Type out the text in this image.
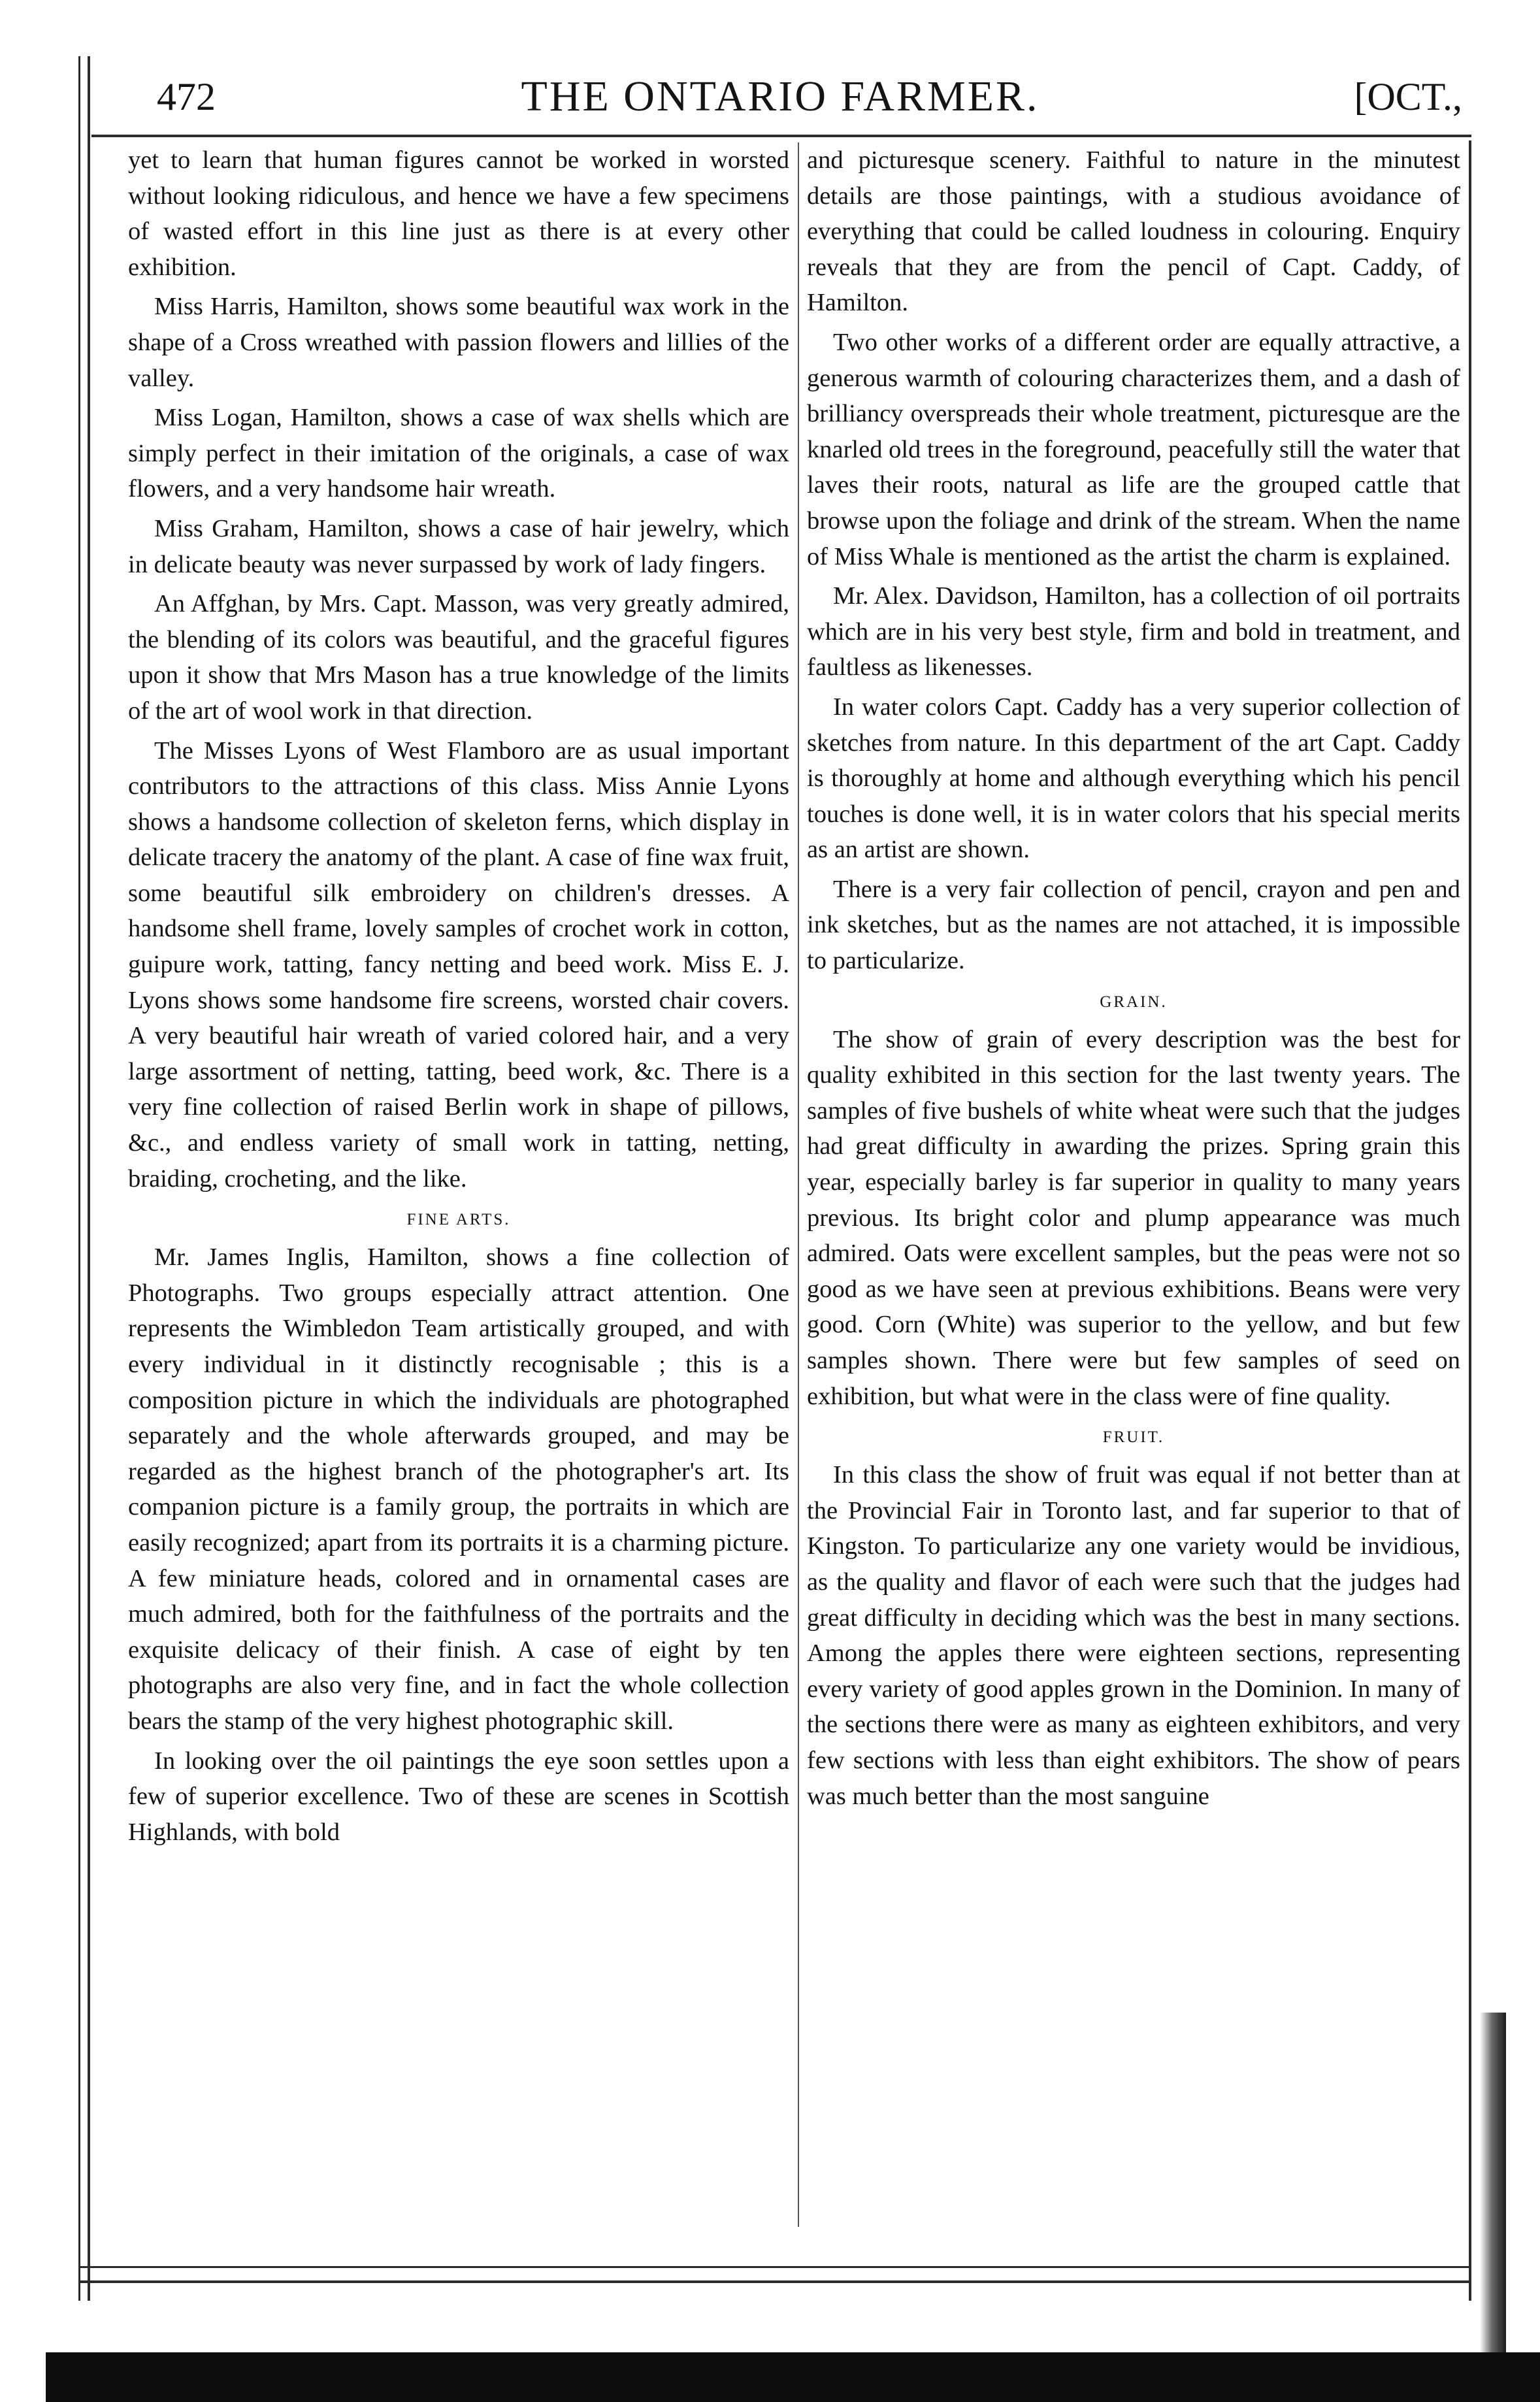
472	THE ONTARIO FARMER.	[OCT.,

yet to learn that human figures cannot be worked in worsted without looking ridiculous, and hence we have a few specimens of wasted effort in this line just as there is at every other exhibition.

Miss Harris, Hamilton, shows some beautiful wax work in the shape of a Cross wreathed with passion flowers and lillies of the valley.

Miss Logan, Hamilton, shows a case of wax shells which are simply perfect in their imitation of the originals, a case of wax flowers, and a very handsome hair wreath.

Miss Graham, Hamilton, shows a case of hair jewelry, which in delicate beauty was never surpassed by work of lady fingers.

An Affghan, by Mrs. Capt. Masson, was very greatly admired, the blending of its colors was beautiful, and the graceful figures upon it show that Mrs Mason has a true knowledge of the limits of the art of wool work in that direction.

The Misses Lyons of West Flamboro are as usual important contributors to the attractions of this class. Miss Annie Lyons shows a handsome collection of skeleton ferns, which display in delicate tracery the anatomy of the plant. A case of fine wax fruit, some beautiful silk embroidery on children's dresses. A handsome shell frame, lovely samples of crochet work in cotton, guipure work, tatting, fancy netting and beed work. Miss E. J. Lyons shows some handsome fire screens, worsted chair covers. A very beautiful hair wreath of varied colored hair, and a very large assortment of netting, tatting, beed work, &c. There is a very fine collection of raised Berlin work in shape of pillows, &c., and endless variety of small work in tatting, netting, braiding, crocheting, and the like.

FINE ARTS.

Mr. James Inglis, Hamilton, shows a fine collection of Photographs. Two groups especially attract attention. One represents the Wimbledon Team artistically grouped, and with every individual in it distinctly recognisable ; this is a composition picture in which the individuals are photographed separately and the whole afterwards grouped, and may be regarded as the highest branch of the photographer's art. Its companion picture is a family group, the portraits in which are easily recognized; apart from its portraits it is a charming picture. A few miniature heads, colored and in ornamental cases are much admired, both for the faithfulness of the portraits and the exquisite delicacy of their finish. A case of eight by ten photographs are also very fine, and in fact the whole collection bears the stamp of the very highest photographic skill.

In looking over the oil paintings the eye soon settles upon a few of superior excellence. Two of these are scenes in Scottish Highlands, with bold

and picturesque scenery. Faithful to nature in the minutest details are those paintings, with a studious avoidance of everything that could be called loudness in colouring. Enquiry reveals that they are from the pencil of Capt. Caddy, of Hamilton.

Two other works of a different order are equally attractive, a generous warmth of colouring characterizes them, and a dash of brilliancy overspreads their whole treatment, picturesque are the knarled old trees in the foreground, peacefully still the water that laves their roots, natural as life are the grouped cattle that browse upon the foliage and drink of the stream. When the name of Miss Whale is mentioned as the artist the charm is explained.

Mr. Alex. Davidson, Hamilton, has a collection of oil portraits which are in his very best style, firm and bold in treatment, and faultless as likenesses.

In water colors Capt. Caddy has a very superior collection of sketches from nature. In this department of the art Capt. Caddy is thoroughly at home and although everything which his pencil touches is done well, it is in water colors that his special merits as an artist are shown.

There is a very fair collection of pencil, crayon and pen and ink sketches, but as the names are not attached, it is impossible to particularize.

GRAIN.

The show of grain of every description was the best for quality exhibited in this section for the last twenty years. The samples of five bushels of white wheat were such that the judges had great difficulty in awarding the prizes. Spring grain this year, especially barley is far superior in quality to many years previous. Its bright color and plump appearance was much admired. Oats were excellent samples, but the peas were not so good as we have seen at previous exhibitions. Beans were very good. Corn (White) was superior to the yellow, and but few samples shown. There were but few samples of seed on exhibition, but what were in the class were of fine quality.

FRUIT.

In this class the show of fruit was equal if not better than at the Provincial Fair in Toronto last, and far superior to that of Kingston. To particularize any one variety would be invidious, as the quality and flavor of each were such that the judges had great difficulty in deciding which was the best in many sections. Among the apples there were eighteen sections, representing every variety of good apples grown in the Dominion. In many of the sections there were as many as eighteen exhibitors, and very few sections with less than eight exhibitors. The show of pears was much better than the most sanguine
